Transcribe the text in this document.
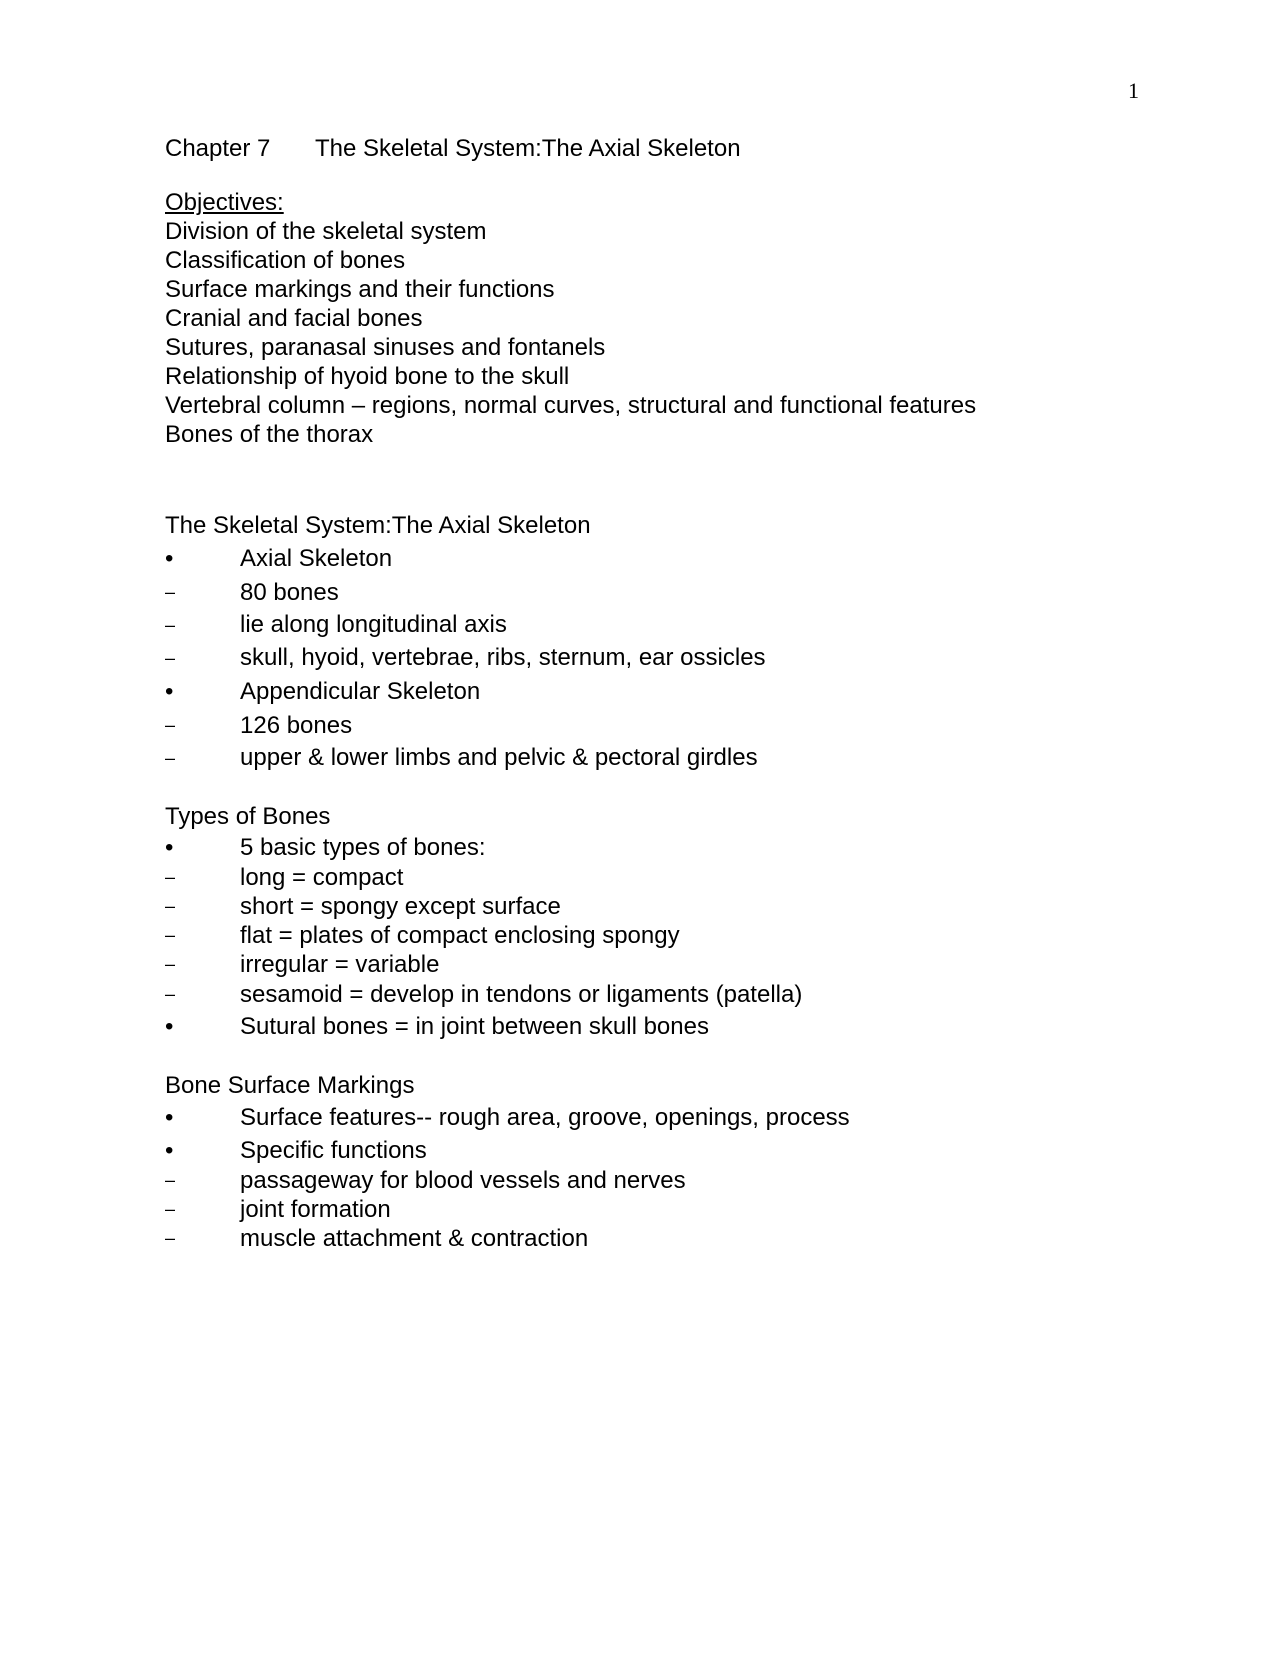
1
Chapter 7 The Skeletal System:The Axial Skeleton
Objectives:
Division of the skeletal system
Classification of bones
Surface markings and their functions
Cranial and facial bones
Sutures, paranasal sinuses and fontanels
Relationship of hyoid bone to the skull
Vertebral column – regions, normal curves, structural and functional features
Bones of the thorax
The Skeletal System:The Axial Skeleton
•	Axial Skeleton
–	80 bones
–	lie along longitudinal axis
–	skull, hyoid, vertebrae, ribs, sternum, ear ossicles
•	Appendicular Skeleton
–	126 bones
–	upper & lower limbs and pelvic & pectoral girdles
Types of Bones
•	5 basic types of bones:
–	long = compact
–	short = spongy except surface
–	flat = plates of compact enclosing spongy
–	irregular = variable
–	sesamoid = develop in tendons or ligaments (patella)
•	Sutural bones = in joint between skull bones
Bone Surface Markings
•	Surface features-- rough area, groove, openings, process
•	Specific functions
–	passageway for blood vessels and nerves
–	joint formation
–	muscle attachment & contraction
